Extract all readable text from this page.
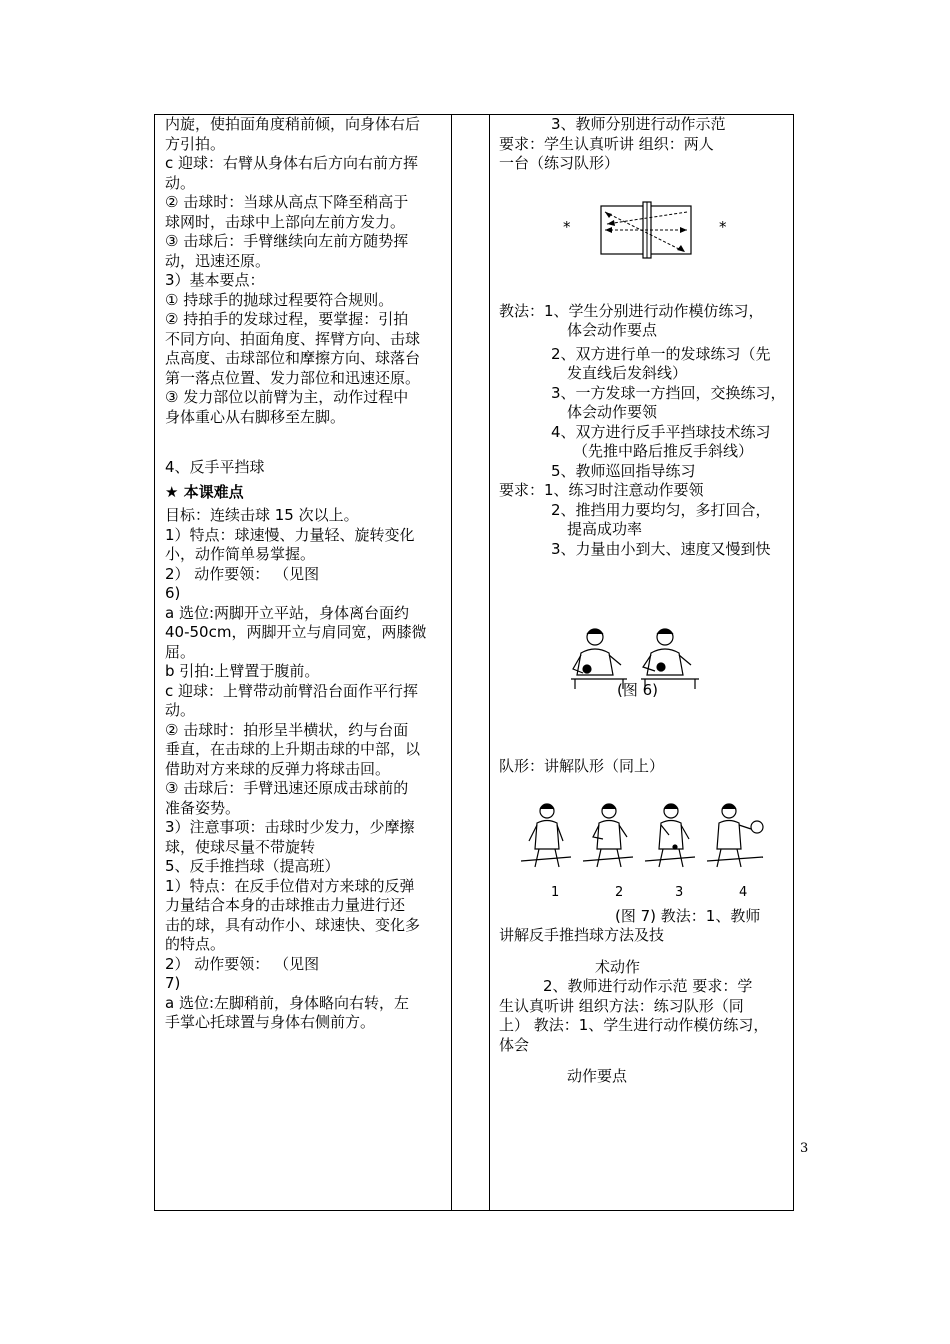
内旋，使拍面角度稍前倾，向身体右后
方引拍。
c 迎球：右臂从身体右后方向右前方挥
动。
② 击球时：当球从高点下降至稍高于
球网时，击球中上部向左前方发力。
③ 击球后：手臂继续向左前方随势挥
动，迅速还原。
3）基本要点：
① 持球手的抛球过程要符合规则。
② 持拍手的发球过程，要掌握：引拍
不同方向、拍面角度、挥臂方向、击球
点高度、击球部位和摩擦方向、球落台
第一落点位置、发力部位和迅速还原。
③ 发力部位以前臂为主，动作过程中
身体重心从右脚移至左脚。
4、反手平挡球
★ 本课难点
目标：连续击球 15 次以上。
1）特点：球速慢、力量轻、旋转变化
小，动作简单易掌握。
2） 动作要领： （见图
6)
a 选位:两脚开立平站，身体离台面约
40-50cm，两脚开立与肩同宽，两膝微
屈。
b 引拍:上臂置于腹前。
c 迎球：上臂带动前臂沿台面作平行挥
动。
② 击球时：拍形呈半横状，约与台面
垂直，在击球的上升期击球的中部，以
借助对方来球的反弹力将球击回。
③ 击球后：手臂迅速还原成击球前的
准备姿势。
3）注意事项：击球时少发力，少摩擦
球，使球尽量不带旋转
5、反手推挡球（提高班）
1）特点：在反手位借对方来球的反弹
力量结合本身的击球推击力量进行还
击的球，具有动作小、球速快、变化多
的特点。
2） 动作要领： （见图
7)
a 选位:左脚稍前，身体略向右转，左
手掌心托球置与身体右侧前方。
3、教师分别进行动作示范
要求：学生认真听讲 组织：两人
一台（练习队形）
*	*
教法：1、学生分别进行动作模仿练习，
体会动作要点
2、双方进行单一的发球练习（先
发直线后发斜线）
3、一方发球一方挡回，交换练习，
体会动作要领
4、双方进行反手平挡球技术练习
（先推中路后推反手斜线）
5、教师巡回指导练习
要求：1、练习时注意动作要领
2、推挡用力要均匀，多打回合，
提高成功率
3、力量由小到大、速度又慢到快
(图 6)
队形：讲解队形（同上）
1	2	3	4
(图 7) 教法：1、教师
讲解反手推挡球方法及技
术动作
2、教师进行动作示范 要求：学
生认真听讲 组织方法：练习队形（同
上） 教法：1、学生进行动作模仿练习，
体会
动作要点
3
